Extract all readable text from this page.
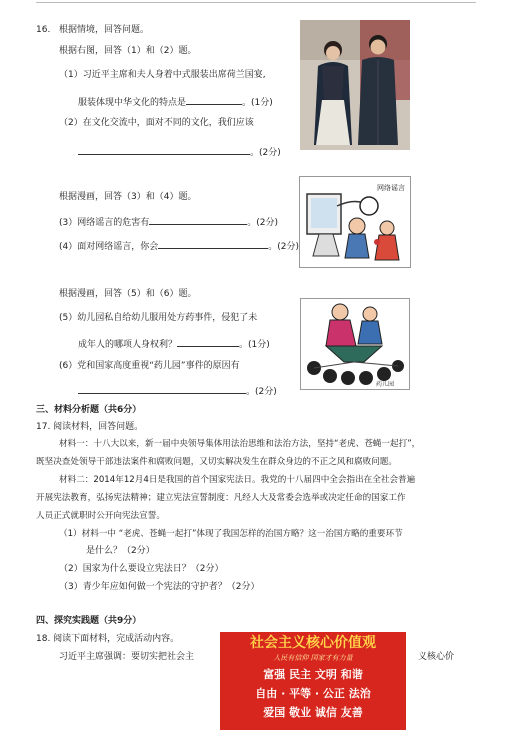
16. 根据情境，回答问题。
根据右图，回答（1）和（2）题。
（1）习近平主席和夫人身着中式服装出席荷兰国宴,
服装体现中华文化的特点是	。(1分)
（2）在文化交流中，面对不同的文化，我们应该
。(2分)
根据漫画，回答（3）和（4）题。
(3）网络谣言的危害有	。(2分)
(4）面对网络谣言，你会	。(2分)
网络谣言
根据漫画，回答（5）和（6）题。
(5）幼儿园私自给幼儿服用处方药事件，侵犯了未
成年人的哪项人身权利？	。(1分)
(6）党和国家高度重视“药儿园”事件的原因有
。(2分)
药儿园
三、材料分析题（共6分）
17. 阅读材料，回答问题。
材料一：十八大以来，新一届中央领导集体用法治思维和法治方法，坚持“老虎、苍蝇一起打”，
既坚决查处领导干部违法案件和腐败问题，又切实解决发生在群众身边的不正之风和腐败问题。
材料二：2014年12月4日是我国的首个国家宪法日。我党的十八届四中全会指出在全社会普遍
开展宪法教育，弘扬宪法精神；建立宪法宣誓制度：凡经人大及常委会选举或决定任命的国家工作
人员正式就职时公开向宪法宣誓。
（1）材料一中 “老虎、苍蝇一起打”体现了我国怎样的治国方略？这一治国方略的重要环节
是什么？（2分）
（2）国家为什么要设立宪法日？（2分）
（3）青少年应如何做一个宪法的守护者？（2分）
四、探究实践题（共9分）
18. 阅读下面材料，完成活动内容。
习近平主席强调：要切实把社会主	义核心价
社会主义核心价值观
人民有信仰 国家才有力量
富强 民主 文明 和谐
自由 · 平等 · 公正 法治
爱国 敬业 诚信 友善
